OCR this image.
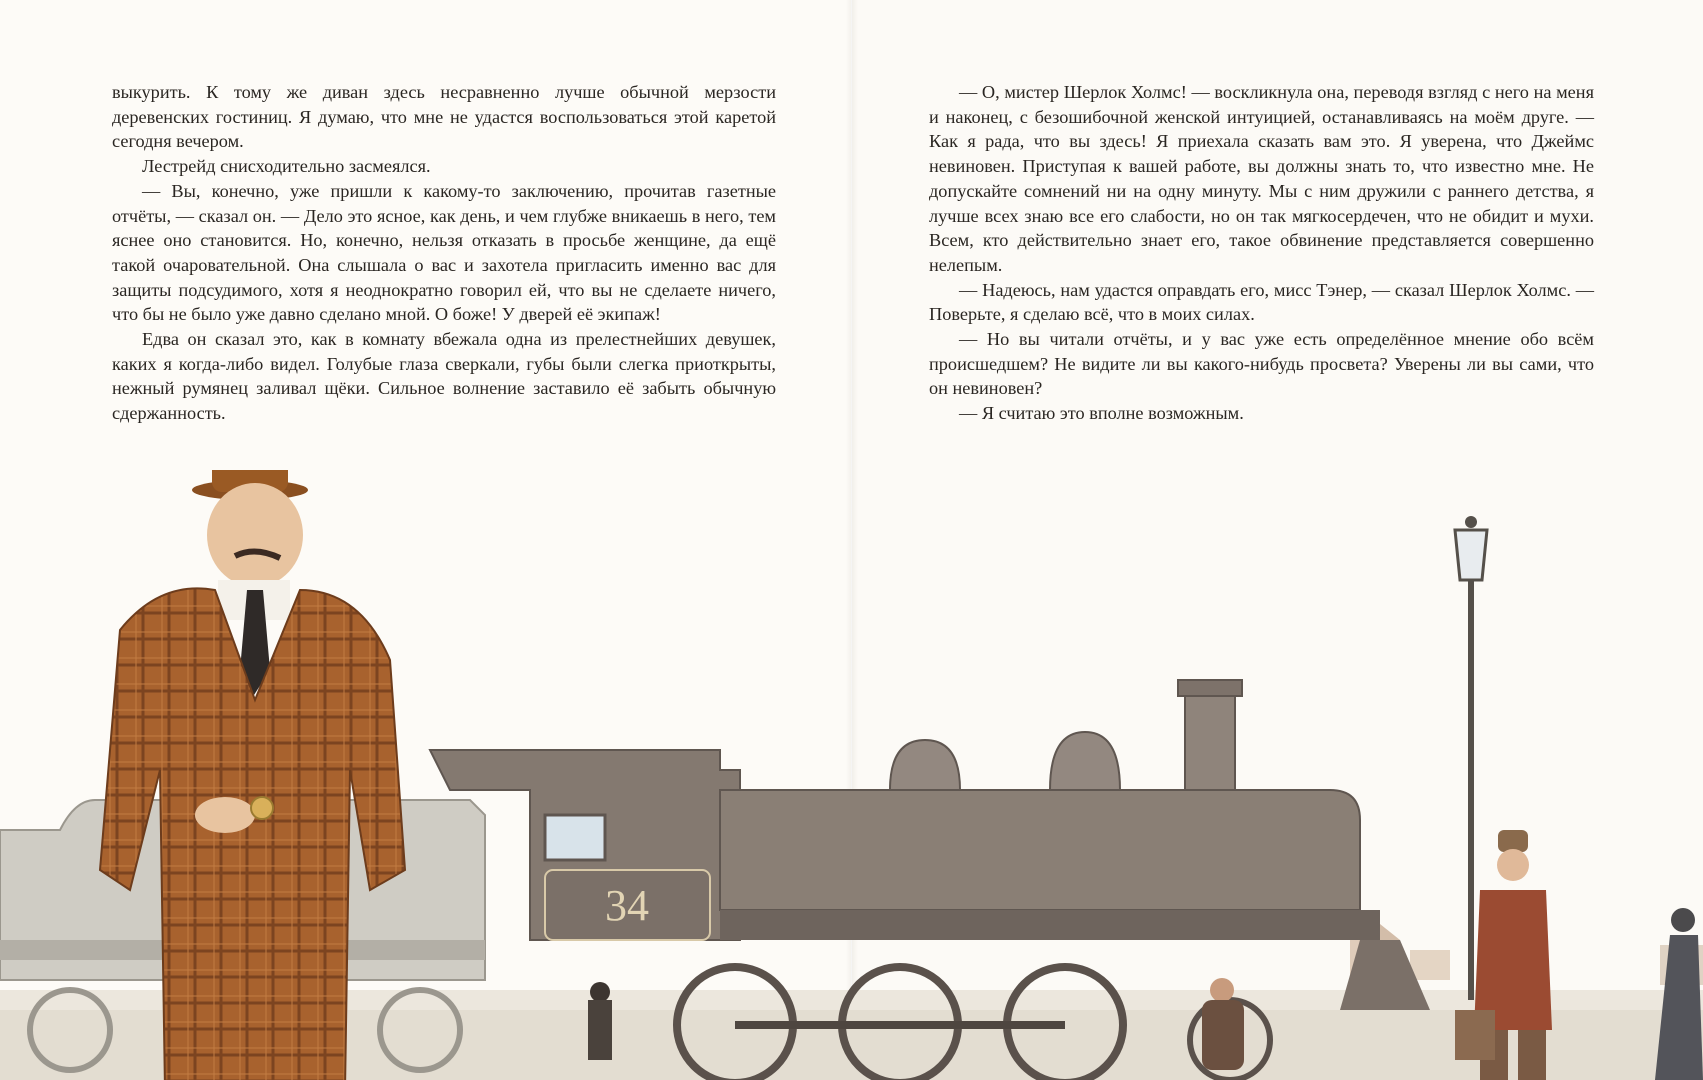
выкурить. К тому же диван здесь несравненно лучше обычной мерзости деревенских гостиниц. Я думаю, что мне не удастся воспользоваться этой каретой сегодня вечером.

Лестрейд снисходительно засмеялся.

— Вы, конечно, уже пришли к какому-то заключению, прочитав газетные отчёты, — сказал он. — Дело это ясное, как день, и чем глубже вникаешь в него, тем яснее оно становится. Но, конечно, нельзя отказать в просьбе женщине, да ещё такой очаровательной. Она слышала о вас и захотела пригласить именно вас для защиты подсудимого, хотя я неоднократно говорил ей, что вы не сделаете ничего, что бы не было уже давно сделано мной. О боже! У дверей её экипаж!

Едва он сказал это, как в комнату вбежала одна из прелестнейших девушек, каких я когда-либо видел. Голубые глаза сверкали, губы были слегка приоткрыты, нежный румянец заливал щёки. Сильное волнение заставило её забыть обычную сдержанность.

— О, мистер Шерлок Холмс! — воскликнула она, переводя взгляд с него на меня и наконец, с безошибочной женской интуицией, останавливаясь на моём друге. — Как я рада, что вы здесь! Я приехала сказать вам это. Я уверена, что Джеймс невиновен. Приступая к вашей работе, вы должны знать то, что известно мне. Не допускайте сомнений ни на одну минуту. Мы с ним дружили с раннего детства, я лучше всех знаю все его слабости, но он так мягкосердечен, что не обидит и мухи. Всем, кто действительно знает его, такое обвинение представляется совершенно нелепым.

— Надеюсь, нам удастся оправдать его, мисс Тэнер, — сказал Шерлок Холмс. — Поверьте, я сделаю всё, что в моих силах.

— Но вы читали отчёты, и у вас уже есть определённое мнение обо всём происшедшем? Не видите ли вы какого-нибудь просвета? Уверены ли вы сами, что он невиновен?

— Я считаю это вполне возможным.

34
